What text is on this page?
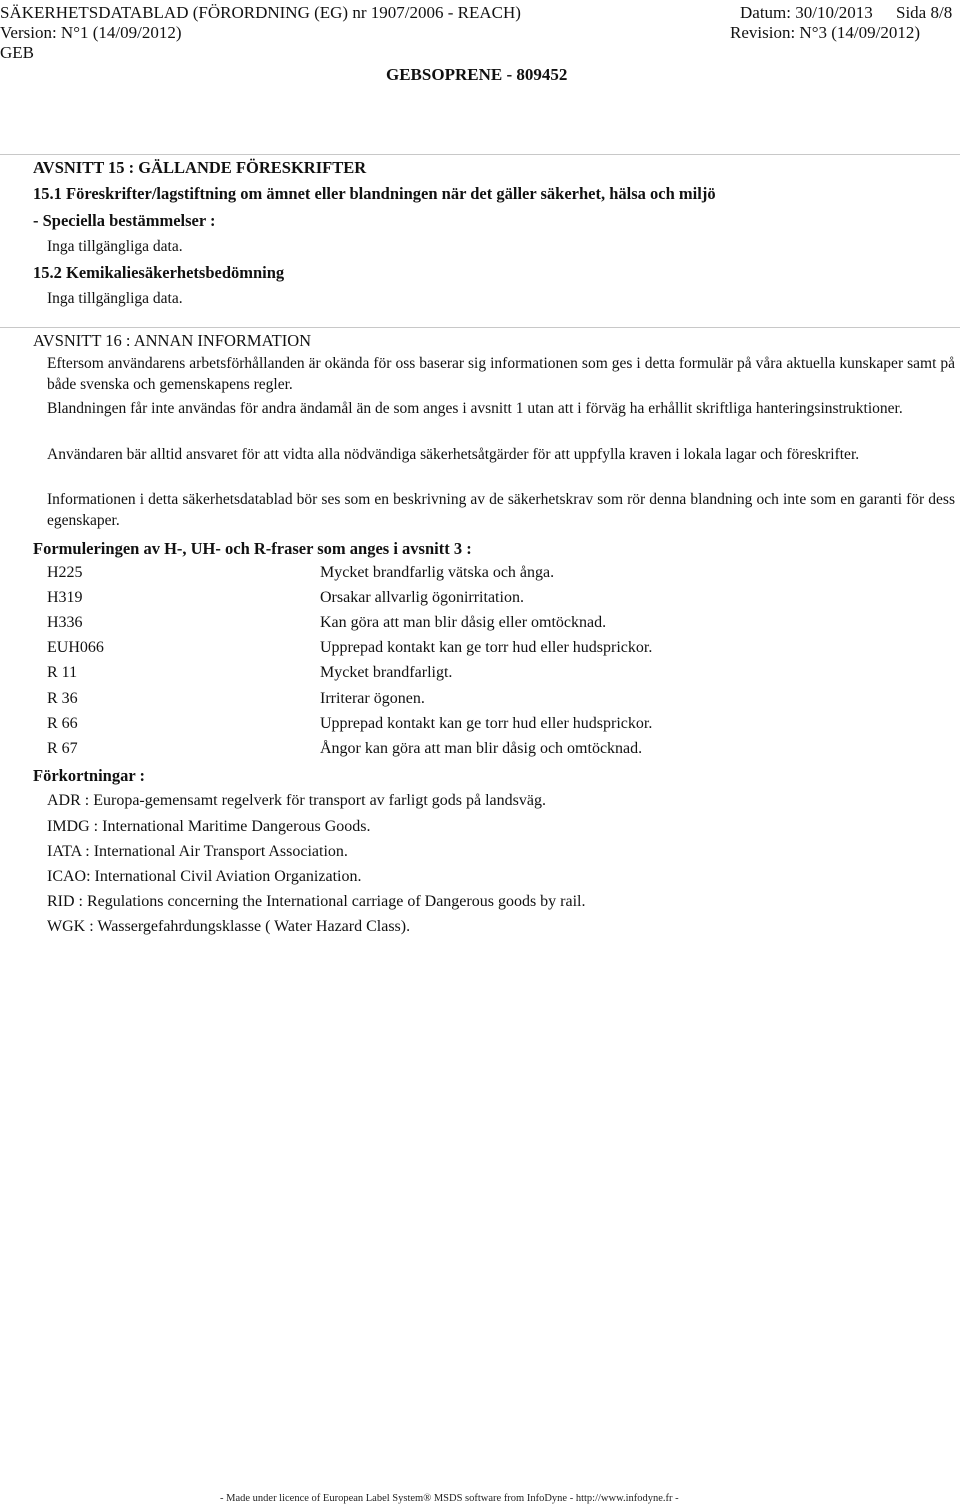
SÄKERHETSDATABLAD (FÖRORDNING (EG) nr 1907/2006 - REACH)	Datum: 30/10/2013 Sida 8/8
Version: N°1 (14/09/2012)	Revision: N°3 (14/09/2012)
GEB
GEBSOPRENE - 809452
AVSNITT 15 : GÄLLANDE FÖRESKRIFTER
15.1 Föreskrifter/lagstiftning om ämnet eller blandningen när det gäller säkerhet, hälsa och miljö
- Speciella bestämmelser :
Inga tillgängliga data.
15.2 Kemikaliesäkerhetsbedömning
Inga tillgängliga data.
AVSNITT 16 : ANNAN INFORMATION
Eftersom användarens arbetsförhållanden är okända för oss baserar sig informationen som ges i detta formulär på våra aktuella kunskaper samt på både svenska och gemenskapens regler.
Blandningen får inte användas för andra ändamål än de som anges i avsnitt 1 utan att i förväg ha erhållit skriftliga hanteringsinstruktioner.
Användaren bär alltid ansvaret för att vidta alla nödvändiga säkerhetsåtgärder för att uppfylla kraven i lokala lagar och föreskrifter.
Informationen i detta säkerhetsdatablad bör ses som en beskrivning av de säkerhetskrav som rör denna blandning och inte som en garanti för dess egenskaper.
Formuleringen av H-, UH- och R-fraser som anges i avsnitt 3 :
H225	Mycket brandfarlig vätska och ånga.
H319	Orsakar allvarlig ögonirritation.
H336	Kan göra att man blir dåsig eller omtöcknad.
EUH066	Upprepad kontakt kan ge torr hud eller hudsprickor.
R 11	Mycket brandfarligt.
R 36	Irriterar ögonen.
R 66	Upprepad kontakt kan ge torr hud eller hudsprickor.
R 67	Ångor kan göra att man blir dåsig och omtöcknad.
Förkortningar :
ADR : Europa-gemensamt regelverk för transport av farligt gods på landsväg.
IMDG : International Maritime Dangerous Goods.
IATA : International Air Transport Association.
ICAO: International Civil Aviation Organization.
RID : Regulations concerning the International carriage of Dangerous goods by rail.
WGK : Wassergefahrdungsklasse ( Water Hazard Class).
- Made under licence of European Label System® MSDS software from InfoDyne - http://www.infodyne.fr -
